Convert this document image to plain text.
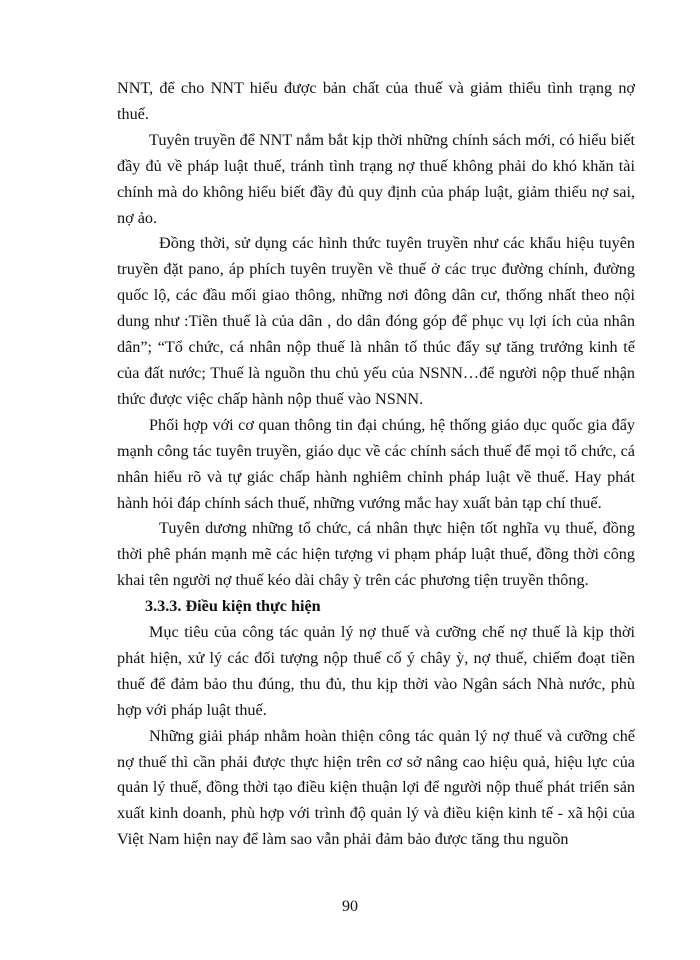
NNT, để cho NNT hiểu được bản chất của thuế và giảm thiểu tình trạng nợ thuế.

Tuyên truyền để NNT nắm bắt kịp thời những chính sách mới, có hiểu biết đầy đủ về pháp luật thuế, tránh tình trạng nợ thuế không phải do khó khăn tài chính mà do không hiểu biết đầy đủ quy định của pháp luật, giảm thiểu nợ sai, nợ ảo.

Đồng thời, sử dụng các hình thức tuyên truyền như các khẩu hiệu tuyên truyền đặt pano, áp phích tuyên truyền về thuế ở các trục đường chính, đường quốc lộ, các đầu mối giao thông, những nơi đông dân cư, thống nhất theo nội dung như :Tiền thuế là của dân , do dân đóng góp để phục vụ lợi ích của nhân dân”; “Tổ chức, cá nhân nộp thuế là nhân tố thúc đẩy sự tăng trưởng kinh tế của đất nước; Thuế là nguồn thu chủ yếu của NSNN…để người nộp thuế nhận thức được việc chấp hành nộp thuế vào NSNN.

Phối hợp với cơ quan thông tin đại chúng, hệ thống giáo dục quốc gia đẩy mạnh công tác tuyên truyền, giáo dục về các chính sách thuế để mọi tổ chức, cá nhân hiểu rõ và tự giác chấp hành nghiêm chỉnh pháp luật về thuế. Hay phát hành hỏi đáp chính sách thuế, những vướng mắc hay xuất bản tạp chí thuế.

Tuyên dương những tổ chức, cá nhân thực hiện tốt nghĩa vụ thuế, đồng thời phê phán mạnh mẽ các hiện tượng vi phạm pháp luật thuế, đồng thời công khai tên người nợ thuế kéo dài chây ỳ trên các phương tiện truyền thông.

3.3.3. Điều kiện thực hiện

Mục tiêu của công tác quản lý nợ thuế và cưỡng chế nợ thuế là kịp thời phát hiện, xử lý các đối tượng nộp thuế cố ý chây ỳ, nợ thuế, chiếm đoạt tiền thuế để đảm bảo thu đúng, thu đủ, thu kịp thời vào Ngân sách Nhà nước, phù hợp với pháp luật thuế.

Những giải pháp nhằm hoàn thiện công tác quản lý nợ thuế và cưỡng chế nợ thuế thì cần phải được thực hiện trên cơ sở nâng cao hiệu quả, hiệu lực của quản lý thuế, đồng thời tạo điều kiện thuận lợi để người nộp thuế phát triển sản xuất kinh doanh, phù hợp với trình độ quản lý và điều kiện kinh tế - xã hội của Việt Nam hiện nay để làm sao vẫn phải đảm bảo được tăng thu nguồn

90
